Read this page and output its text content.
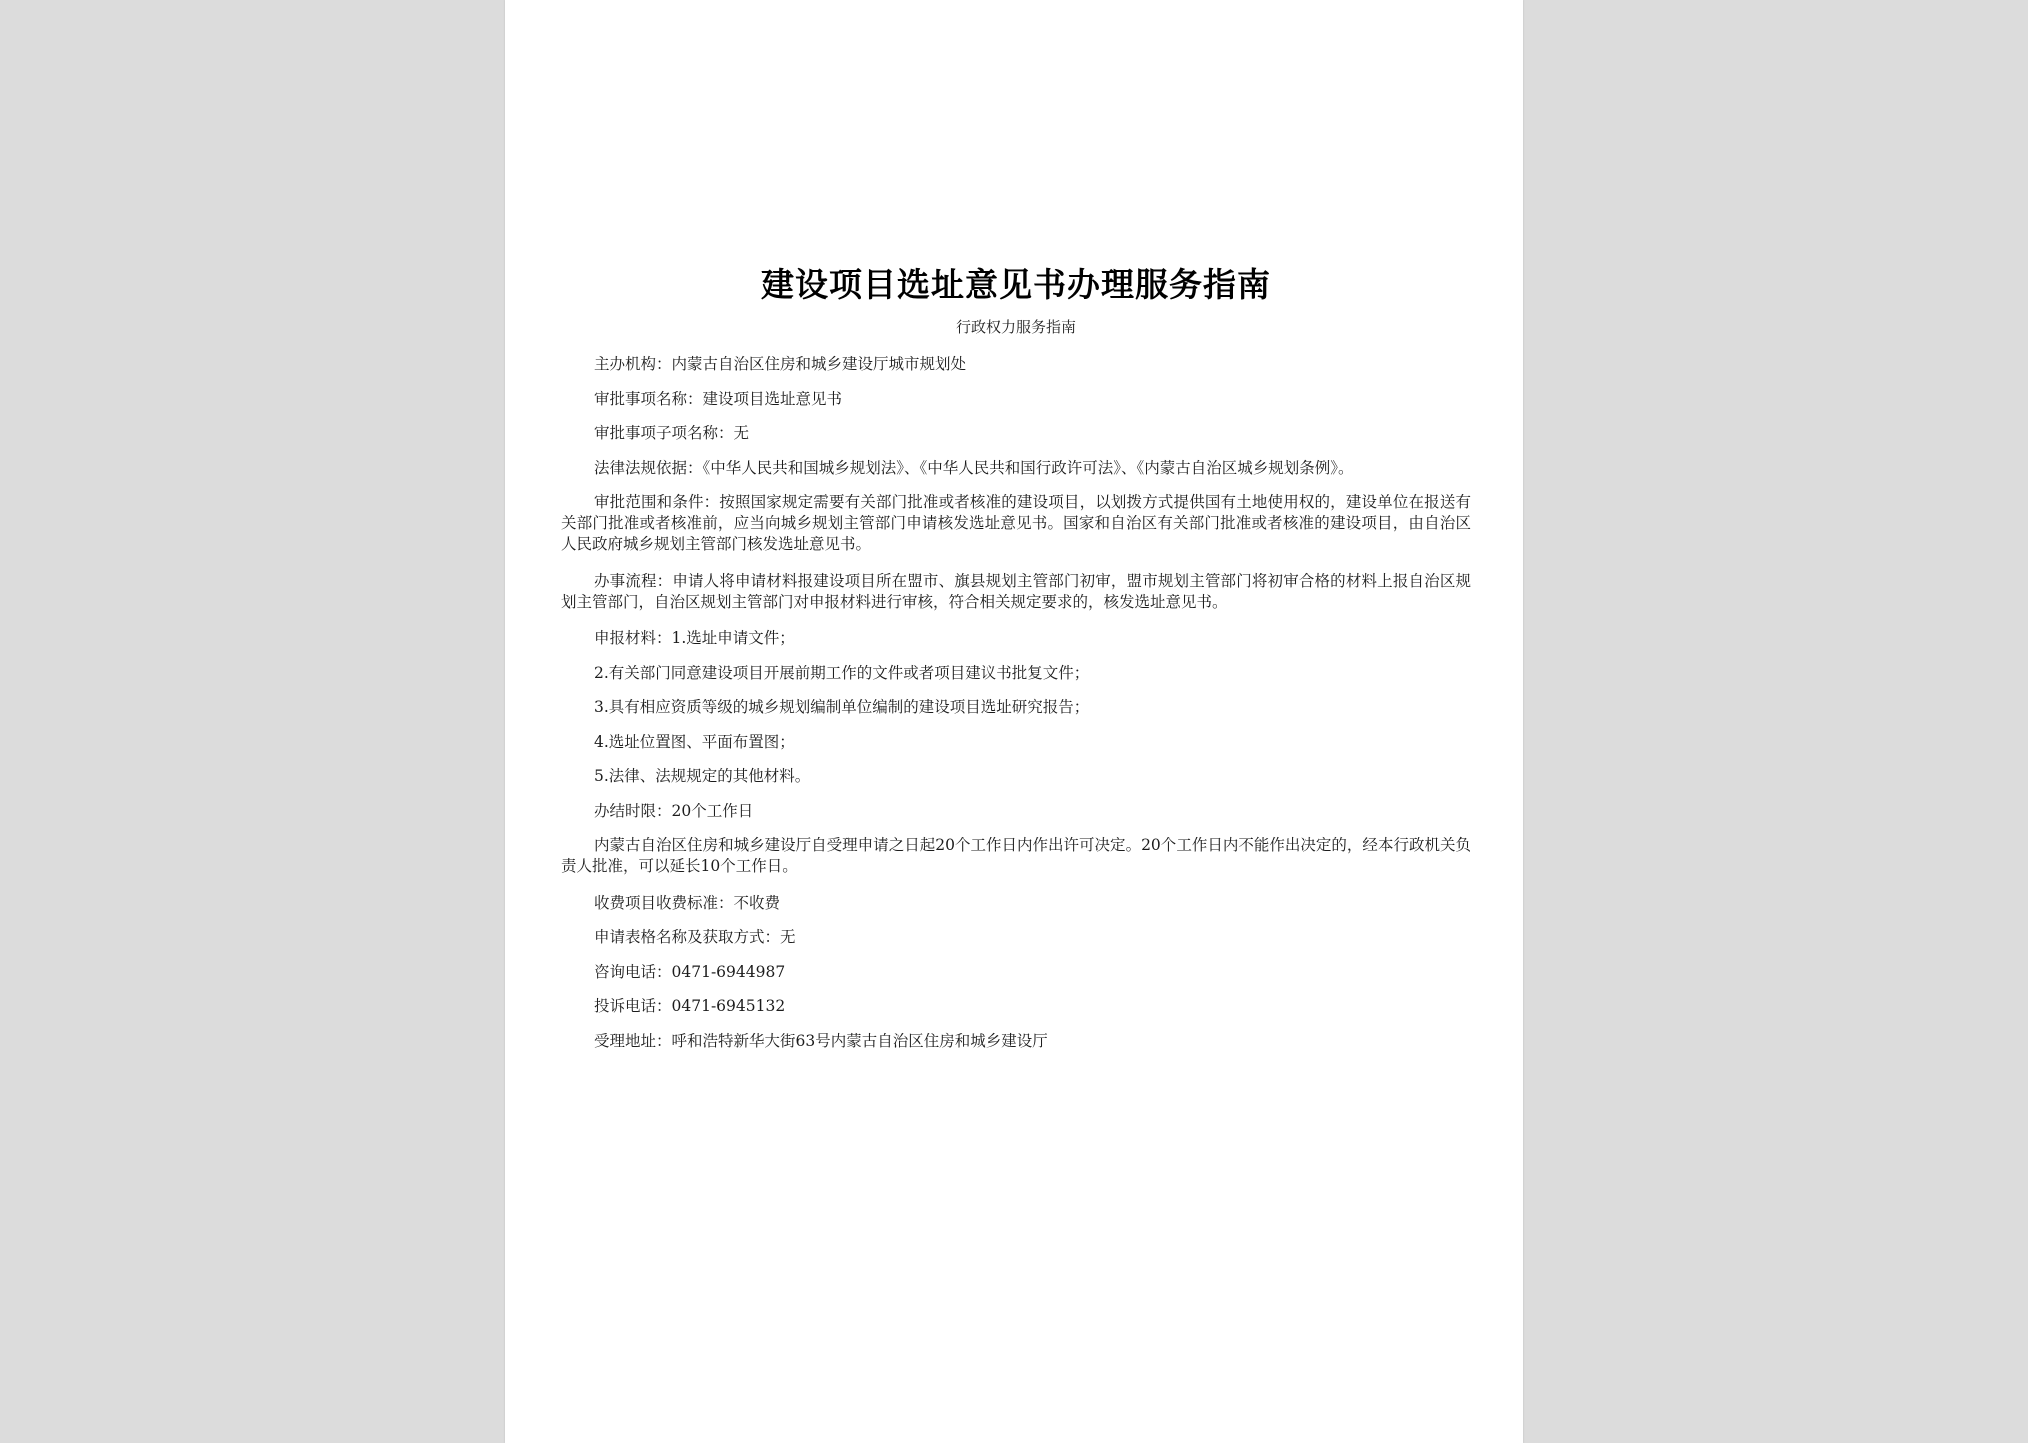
建设项目选址意见书办理服务指南
行政权力服务指南

主办机构：内蒙古自治区住房和城乡建设厅城市规划处

审批事项名称：建设项目选址意见书

审批事项子项名称：无

法律法规依据：《中华人民共和国城乡规划法》、《中华人民共和国行政许可法》、《内蒙古自治区城乡规划条例》。

审批范围和条件：按照国家规定需要有关部门批准或者核准的建设项目，以划拨方式提供国有土地使用权的，建设单位在报送有关部门批准或者核准前，应当向城乡规划主管部门申请核发选址意见书。国家和自治区有关部门批准或者核准的建设项目，由自治区人民政府城乡规划主管部门核发选址意见书。

办事流程：申请人将申请材料报建设项目所在盟市、旗县规划主管部门初审，盟市规划主管部门将初审合格的材料上报自治区规划主管部门，自治区规划主管部门对申报材料进行审核，符合相关规定要求的，核发选址意见书。

申报材料：1.选址申请文件；

2.有关部门同意建设项目开展前期工作的文件或者项目建议书批复文件；

3.具有相应资质等级的城乡规划编制单位编制的建设项目选址研究报告；

4.选址位置图、平面布置图；

5.法律、法规规定的其他材料。

办结时限：20个工作日

内蒙古自治区住房和城乡建设厅自受理申请之日起20个工作日内作出许可决定。20个工作日内不能作出决定的，经本行政机关负责人批准，可以延长10个工作日。

收费项目收费标准：不收费

申请表格名称及获取方式：无

咨询电话：0471-6944987

投诉电话：0471-6945132

受理地址：呼和浩特新华大街63号内蒙古自治区住房和城乡建设厅
